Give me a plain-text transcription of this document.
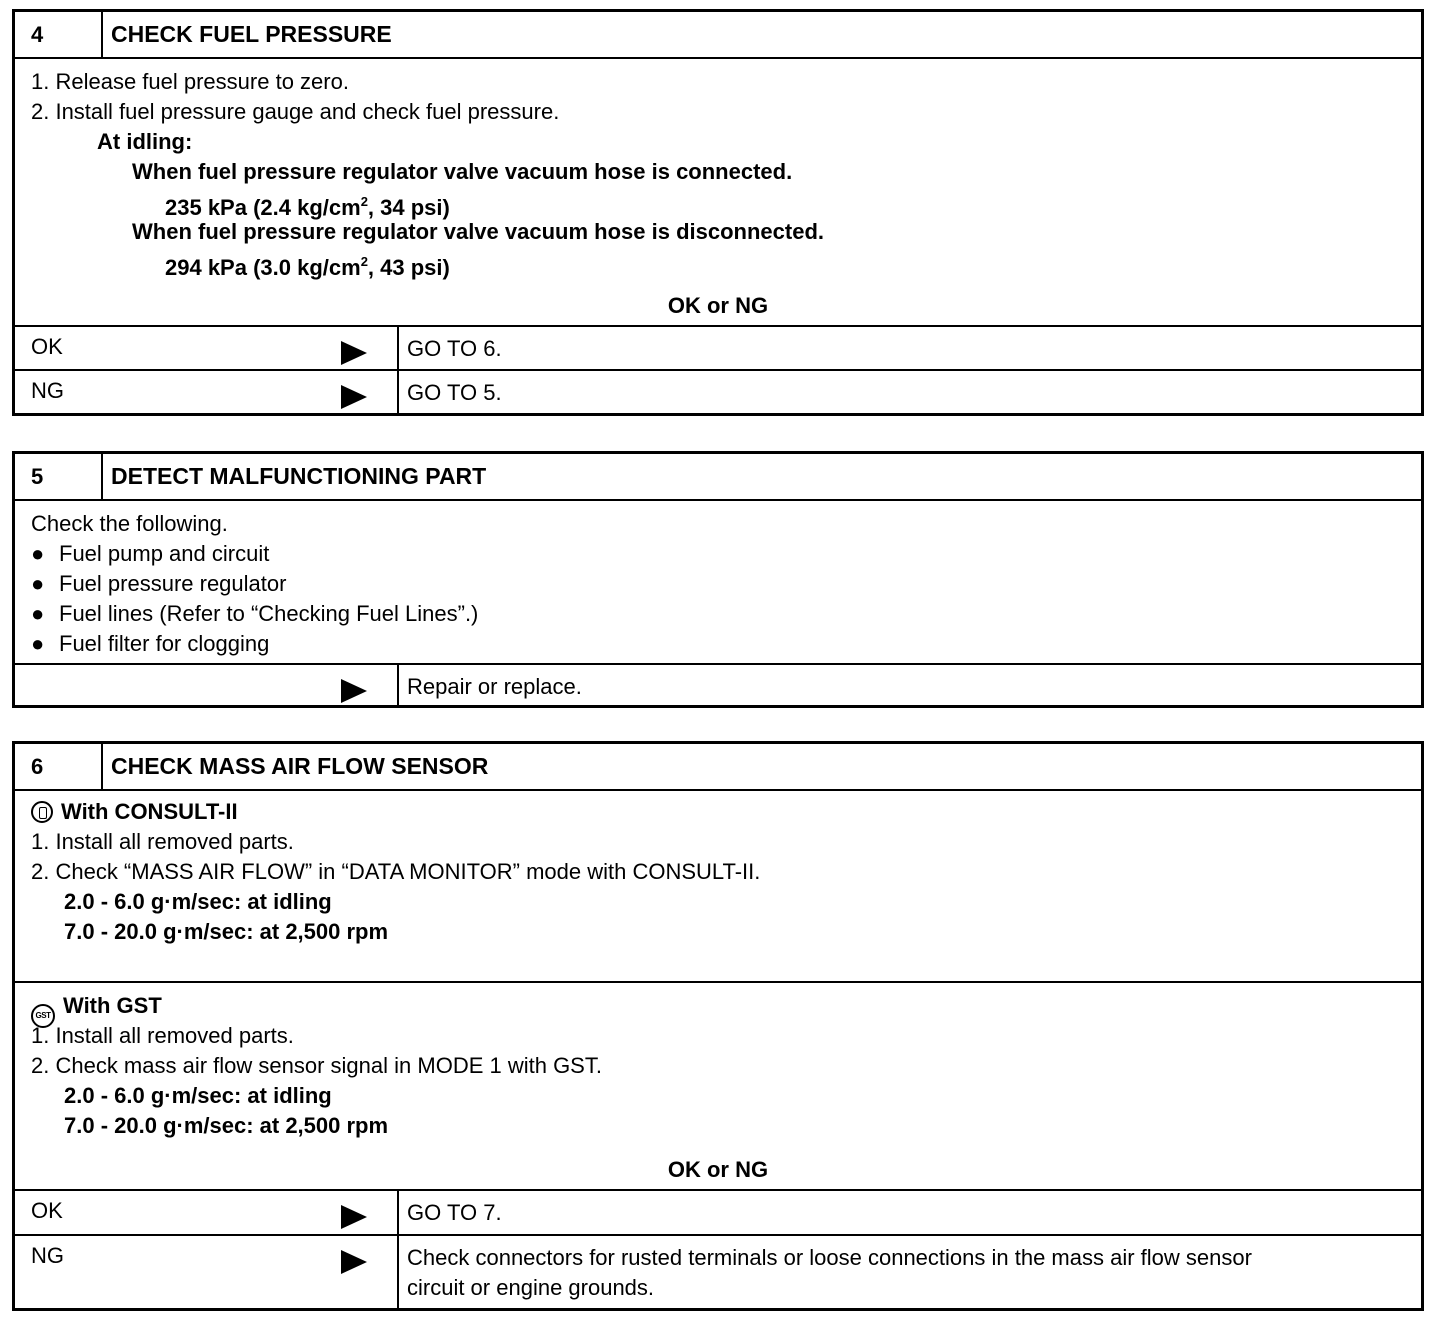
4	CHECK FUEL PRESSURE
1. Release fuel pressure to zero.
2. Install fuel pressure gauge and check fuel pressure.
At idling:
When fuel pressure regulator valve vacuum hose is connected.
235 kPa (2.4 $kg/cm^2$, 34 psi)
When fuel pressure regulator valve vacuum hose is disconnected.
294 kPa (3.0 $kg/cm^2$, 43 psi)
OK or NG
OK	GO TO 6.
NG	GO TO 5.
5	DETECT MALFUNCTIONING PART
Check the following.
● Fuel pump and circuit
● Fuel pressure regulator
● Fuel lines (Refer to “Checking Fuel Lines”.)
● Fuel filter for clogging
Repair or replace.
6	CHECK MASS AIR FLOW SENSOR
With CONSULT-II
1. Install all removed parts.
2. Check “MASS AIR FLOW” in “DATA MONITOR” mode with CONSULT-II.
2.0 - 6.0 g·m/sec: at idling
7.0 - 20.0 g·m/sec: at 2,500 rpm
GST With GST
1. Install all removed parts.
2. Check mass air flow sensor signal in MODE 1 with GST.
2.0 - 6.0 g·m/sec: at idling
7.0 - 20.0 g·m/sec: at 2,500 rpm
OK or NG
OK	GO TO 7.
NG	Check connectors for rusted terminals or loose connections in the mass air flow sensor
circuit or engine grounds.
